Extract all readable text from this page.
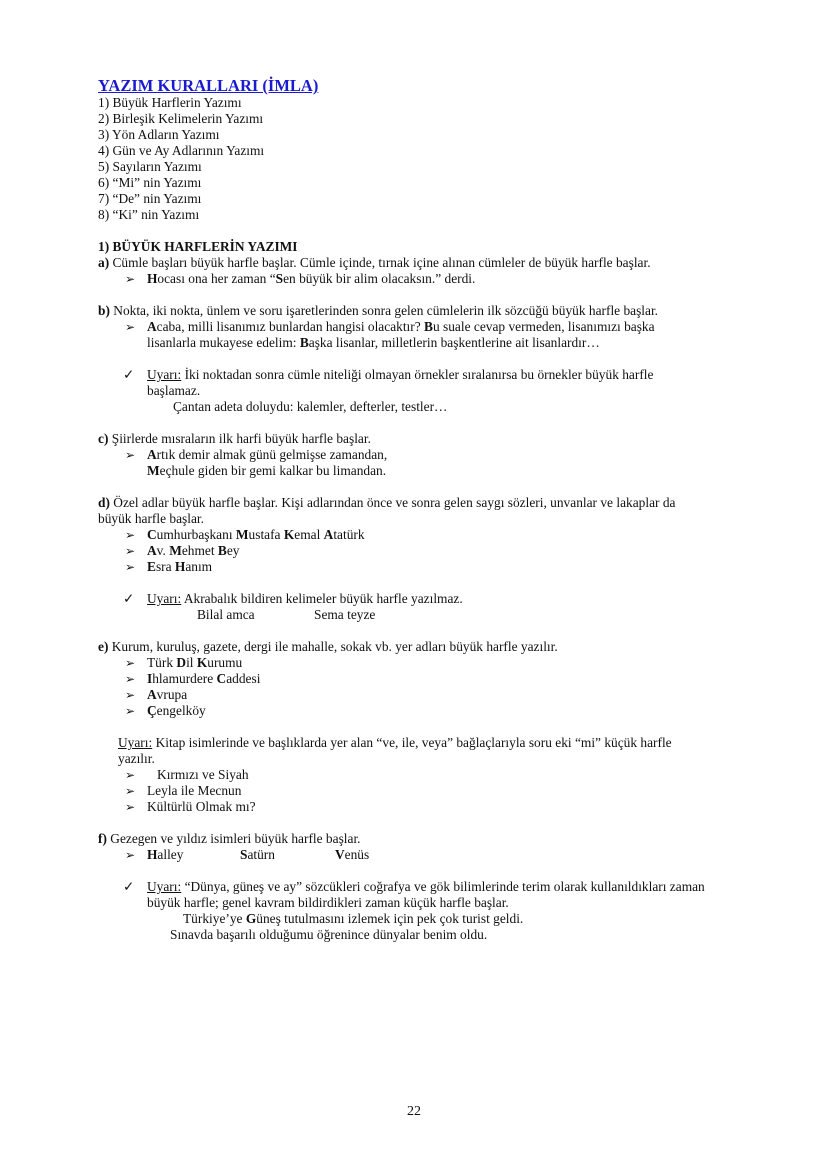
YAZIM KURALLARI (İMLA)
1) Büyük Harflerin Yazımı
2) Birleşik Kelimelerin Yazımı
3) Yön Adların Yazımı
4) Gün ve Ay Adlarının Yazımı
5) Sayıların Yazımı
6) “Mi” nin Yazımı
7) “De” nin Yazımı
8) “Ki” nin Yazımı
1) BÜYÜK HARFLERİN YAZIMI
a) Cümle başları büyük harfle başlar. Cümle içinde, tırnak içine alınan cümleler de büyük harfle başlar.
➢ Hocası ona her zaman “Sen büyük bir alim olacaksın.” derdi.
b) Nokta, iki nokta, ünlem ve soru işaretlerinden sonra gelen cümlelerin ilk sözcüğü büyük harfle başlar.
➢ Acaba, milli lisanımız bunlardan hangisi olacaktır? Bu suale cevap vermeden, lisanımızı başka
lisanlarla mukayese edelim: Başka lisanlar, milletlerin başkentlerine ait lisanlardır…
✓ Uyarı: İki noktadan sonra cümle niteliği olmayan örnekler sıralanırsa bu örnekler büyük harfle
başlamaz.
Çantan adeta doluydu: kalemler, defterler, testler…
c) Şiirlerde mısraların ilk harfi büyük harfle başlar.
➢ Artık demir almak günü gelmişse zamandan,
Meçhule giden bir gemi kalkar bu limandan.
d) Özel adlar büyük harfle başlar. Kişi adlarından önce ve sonra gelen saygı sözleri, unvanlar ve lakaplar da
büyük harfle başlar.
➢ Cumhurbaşkanı Mustafa Kemal Atatürk
➢ Av. Mehmet Bey
➢ Esra Hanım
✓ Uyarı: Akrabalık bildiren kelimeler büyük harfle yazılmaz.
Bilal amca	Sema teyze
e) Kurum, kuruluş, gazete, dergi ile mahalle, sokak vb. yer adları büyük harfle yazılır.
➢ Türk Dil Kurumu
➢ Ihlamurdere Caddesi
➢ Avrupa
➢ Çengelköy
Uyarı: Kitap isimlerinde ve başlıklarda yer alan “ve, ile, veya” bağlaçlarıyla soru eki “mi” küçük harfle
yazılır.
➢ Kırmızı ve Siyah
➢ Leyla ile Mecnun
➢ Kültürlü Olmak mı?
f) Gezegen ve yıldız isimleri büyük harfle başlar.
➢ Halley	Satürn	Venüs
✓ Uyarı: “Dünya, güneş ve ay” sözcükleri coğrafya ve gök bilimlerinde terim olarak kullanıldıkları zaman
büyük harfle; genel kavram bildirdikleri zaman küçük harfle başlar.
Türkiye’ye Güneş tutulmasını izlemek için pek çok turist geldi.
Sınavda başarılı olduğumu öğrenince dünyalar benim oldu.
22
